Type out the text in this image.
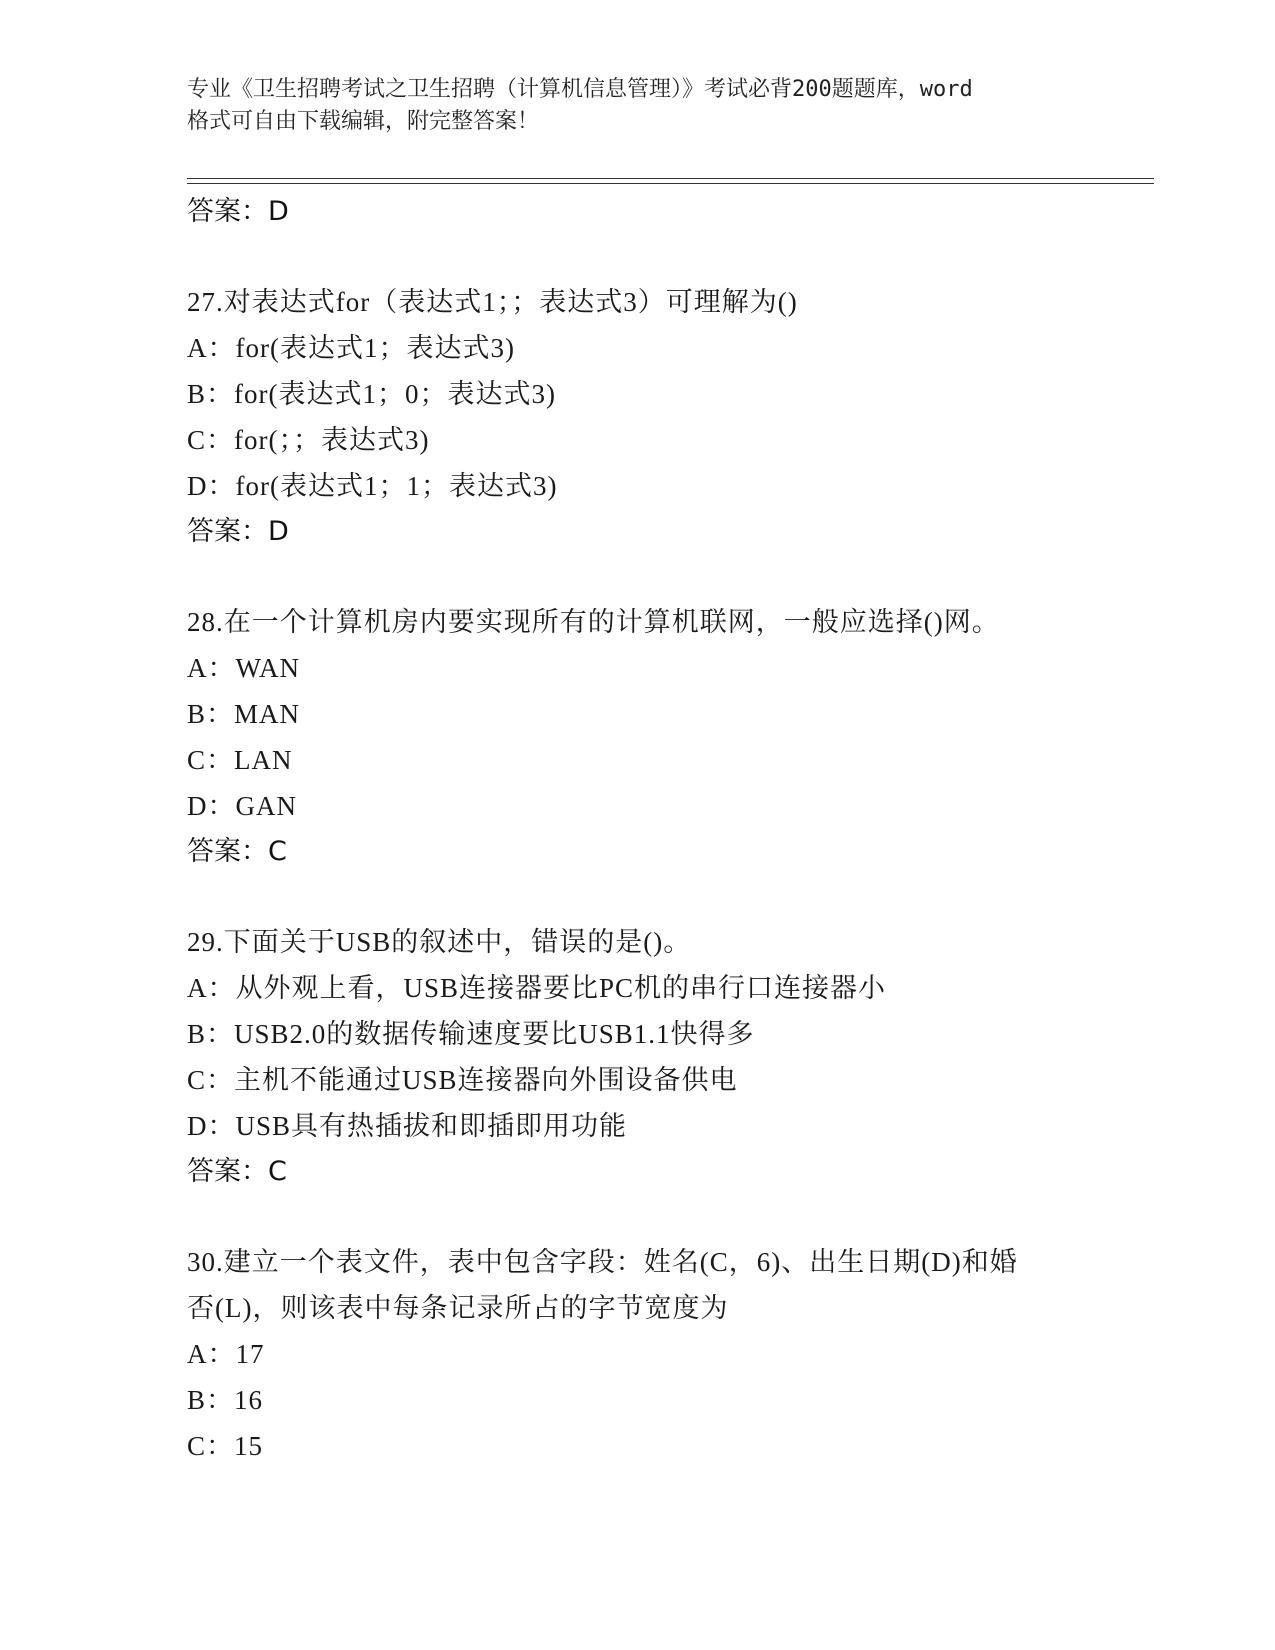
专业《卫生招聘考试之卫生招聘（计算机信息管理）》考试必背200题题库，word
格式可自由下载编辑，附完整答案！
答案：D
27.对表达式for（表达式1；；表达式3）可理解为()
A：for(表达式1；表达式3)
B：for(表达式1；0；表达式3)
C：for(；；表达式3)
D：for(表达式1；1；表达式3)
答案：D
28.在一个计算机房内要实现所有的计算机联网，一般应选择()网。
A：WAN
B：MAN
C：LAN
D：GAN
答案：C
29.下面关于USB的叙述中，错误的是()。
A：从外观上看，USB连接器要比PC机的串行口连接器小
B：USB2.0的数据传输速度要比USB1.1快得多
C：主机不能通过USB连接器向外围设备供电
D：USB具有热插拔和即插即用功能
答案：C
30.建立一个表文件，表中包含字段：姓名(C，6)、出生日期(D)和婚
否(L)，则该表中每条记录所占的字节宽度为
A：17
B：16
C：15
